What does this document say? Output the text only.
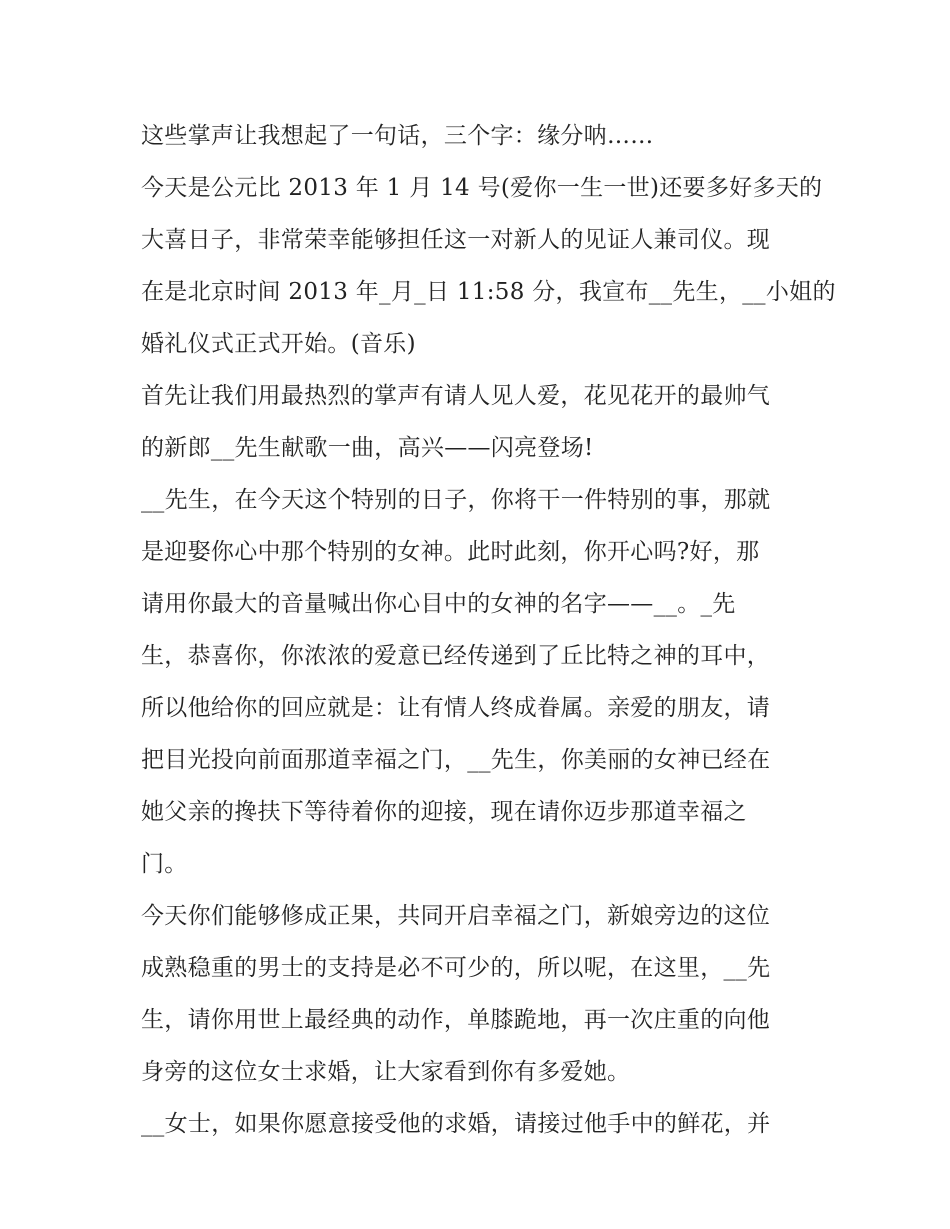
这些掌声让我想起了一句话，三个字：缘分呐……
今天是公元比 2013 年 1 月 14 号(爱你一生一世)还要多好多天的
大喜日子，非常荣幸能够担任这一对新人的见证人兼司仪。现
在是北京时间 2013 年_月_日 11:58 分，我宣布__先生，__小姐的
婚礼仪式正式开始。(音乐)
首先让我们用最热烈的掌声有请人见人爱，花见花开的最帅气
的新郎__先生献歌一曲，高兴——闪亮登场!
__先生，在今天这个特别的日子，你将干一件特别的事，那就
是迎娶你心中那个特别的女神。此时此刻，你开心吗?好，那
请用你最大的音量喊出你心目中的女神的名字——__。_先
生，恭喜你，你浓浓的爱意已经传递到了丘比特之神的耳中，
所以他给你的回应就是：让有情人终成眷属。亲爱的朋友，请
把目光投向前面那道幸福之门，__先生，你美丽的女神已经在
她父亲的搀扶下等待着你的迎接，现在请你迈步那道幸福之
门。
今天你们能够修成正果，共同开启幸福之门，新娘旁边的这位
成熟稳重的男士的支持是必不可少的，所以呢，在这里，__先
生，请你用世上最经典的动作，单膝跪地，再一次庄重的向他
身旁的这位女士求婚，让大家看到你有多爱她。
__女士，如果你愿意接受他的求婚，请接过他手中的鲜花，并
